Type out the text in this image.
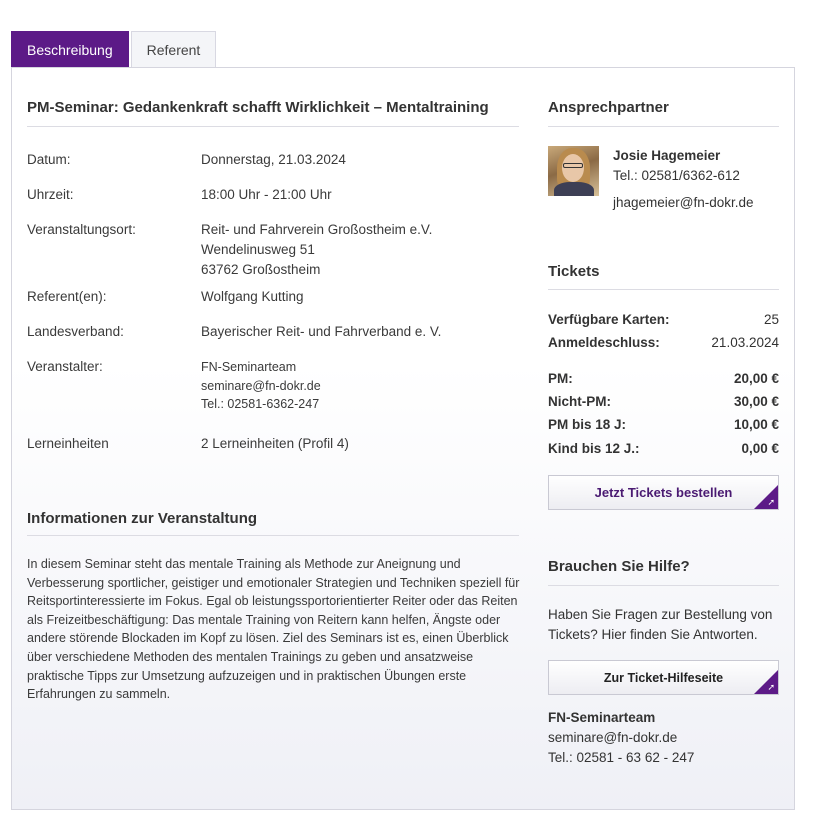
Beschreibung	Referent
PM-Seminar: Gedankenkraft schafft Wirklichkeit – Mentaltraining
Datum:	Donnerstag, 21.03.2024
Uhrzeit:	18:00 Uhr - 21:00 Uhr
Veranstaltungsort:	Reit- und Fahrverein Großostheim e.V.
Wendelinusweg 51
63762 Großostheim
Referent(en):	Wolfgang Kutting
Landesverband:	Bayerischer Reit- und Fahrverband e. V.
Veranstalter:	FN-Seminarteam
seminare@fn-dokr.de
Tel.: 02581-6362-247
Lerneinheiten	2 Lerneinheiten (Profil 4)
Informationen zur Veranstaltung
In diesem Seminar steht das mentale Training als Methode zur Aneignung und Verbesserung sportlicher, geistiger und emotionaler Strategien und Techniken speziell für Reitsportinteressierte im Fokus. Egal ob leistungssportorientierter Reiter oder das Reiten als Freizeitbeschäftigung: Das mentale Training von Reitern kann helfen, Ängste oder andere störende Blockaden im Kopf zu lösen. Ziel des Seminars ist es, einen Überblick über verschiedene Methoden des mentalen Trainings zu geben und ansatzweise praktische Tipps zur Umsetzung aufzuzeigen und in praktischen Übungen erste Erfahrungen zu sammeln.
Ansprechpartner
Josie Hagemeier
Tel.: 02581/6362-612
jhagemeier@fn-dokr.de
Tickets
Verfügbare Karten:	25
Anmeldeschluss:	21.03.2024
PM:	20,00 €
Nicht-PM:	30,00 €
PM bis 18 J:	10,00 €
Kind bis 12 J.:	0,00 €
Jetzt Tickets bestellen
➚
Brauchen Sie Hilfe?
Haben Sie Fragen zur Bestellung von Tickets? Hier finden Sie Antworten.
Zur Ticket-Hilfeseite
➚
FN-Seminarteam
seminare@fn-dokr.de
Tel.: 02581 - 63 62 - 247
